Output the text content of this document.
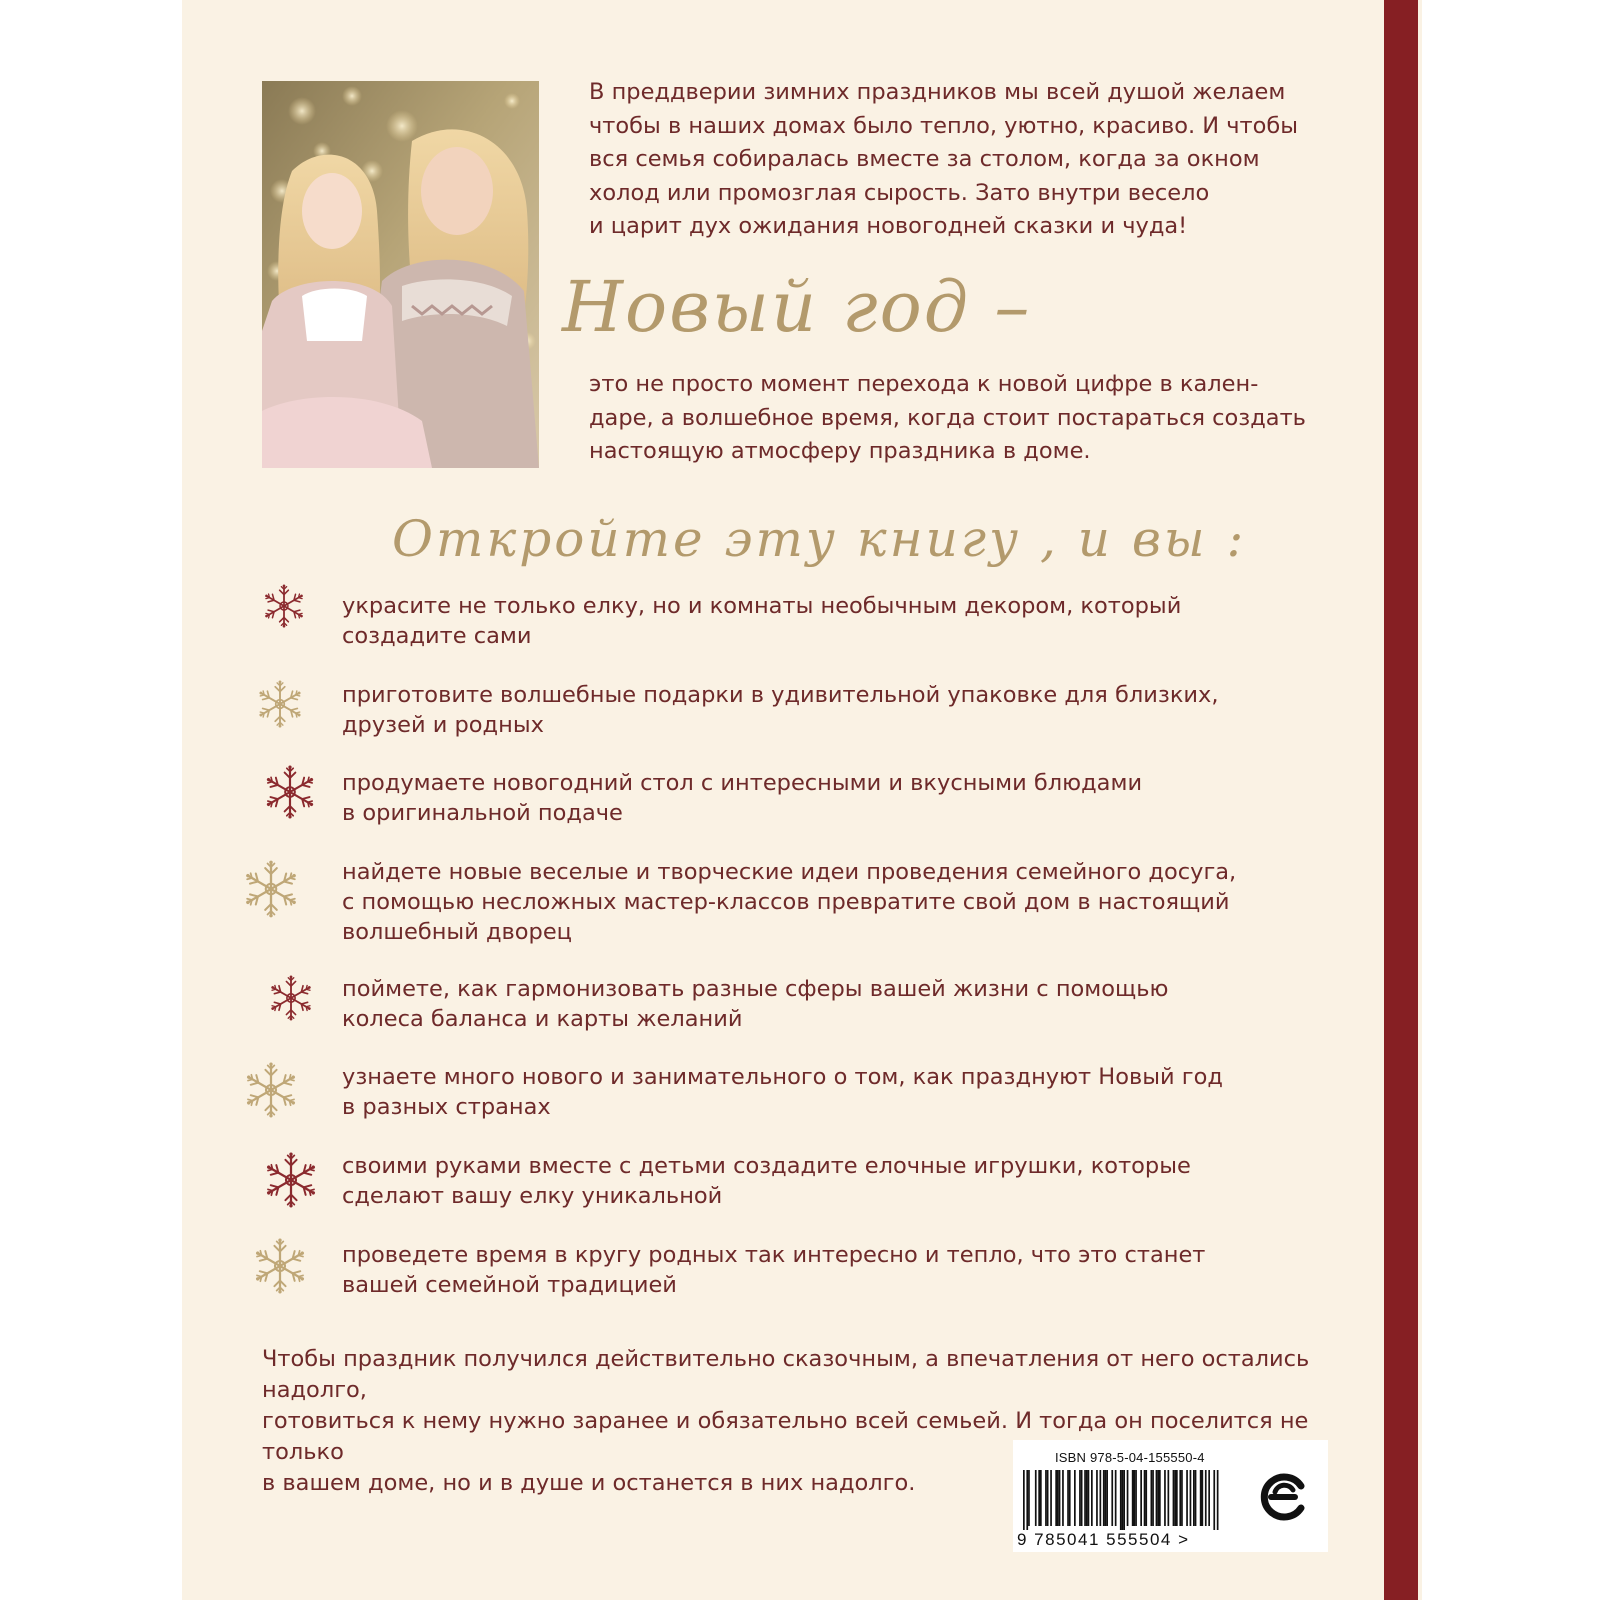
В преддверии зимних праздников мы всей душой желаем
чтобы в наших домах было тепло, уютно, красиво. И чтобы
вся семья собиралась вместе за столом, когда за окном
холод или промозглая сырость. Зато внутри весело
и царит дух ожидания новогодней сказки и чуда!
Новый год –
это не просто момент перехода к новой цифре в кален-
даре, а волшебное время, когда стоит постараться создать
настоящую атмосферу праздника в доме.
Откройте эту книгу , и вы :
украсите не только елку, но и комнаты необычным декором, который
создадите сами
приготовите волшебные подарки в удивительной упаковке для близких,
друзей и родных
продумаете новогодний стол с интересными и вкусными блюдами
в оригинальной подаче
найдете новые веселые и творческие идеи проведения семейного досуга,
с помощью несложных мастер-классов превратите свой дом в настоящий
волшебный дворец
поймете, как гармонизовать разные сферы вашей жизни с помощью
колеса баланса и карты желаний
узнаете много нового и занимательного о том, как празднуют Новый год
в разных странах
своими руками вместе с детьми создадите елочные игрушки, которые
сделают вашу елку уникальной
проведете время в кругу родных так интересно и тепло, что это станет
вашей семейной традицией
Чтобы праздник получился действительно сказочным, а впечатления от него остались надолго,
готовиться к нему нужно заранее и обязательно всей семьей. И тогда он поселится не только
в вашем доме, но и в душе и останется в них надолго.
ISBN 978-5-04-155550-4
9 785041 555504 >
